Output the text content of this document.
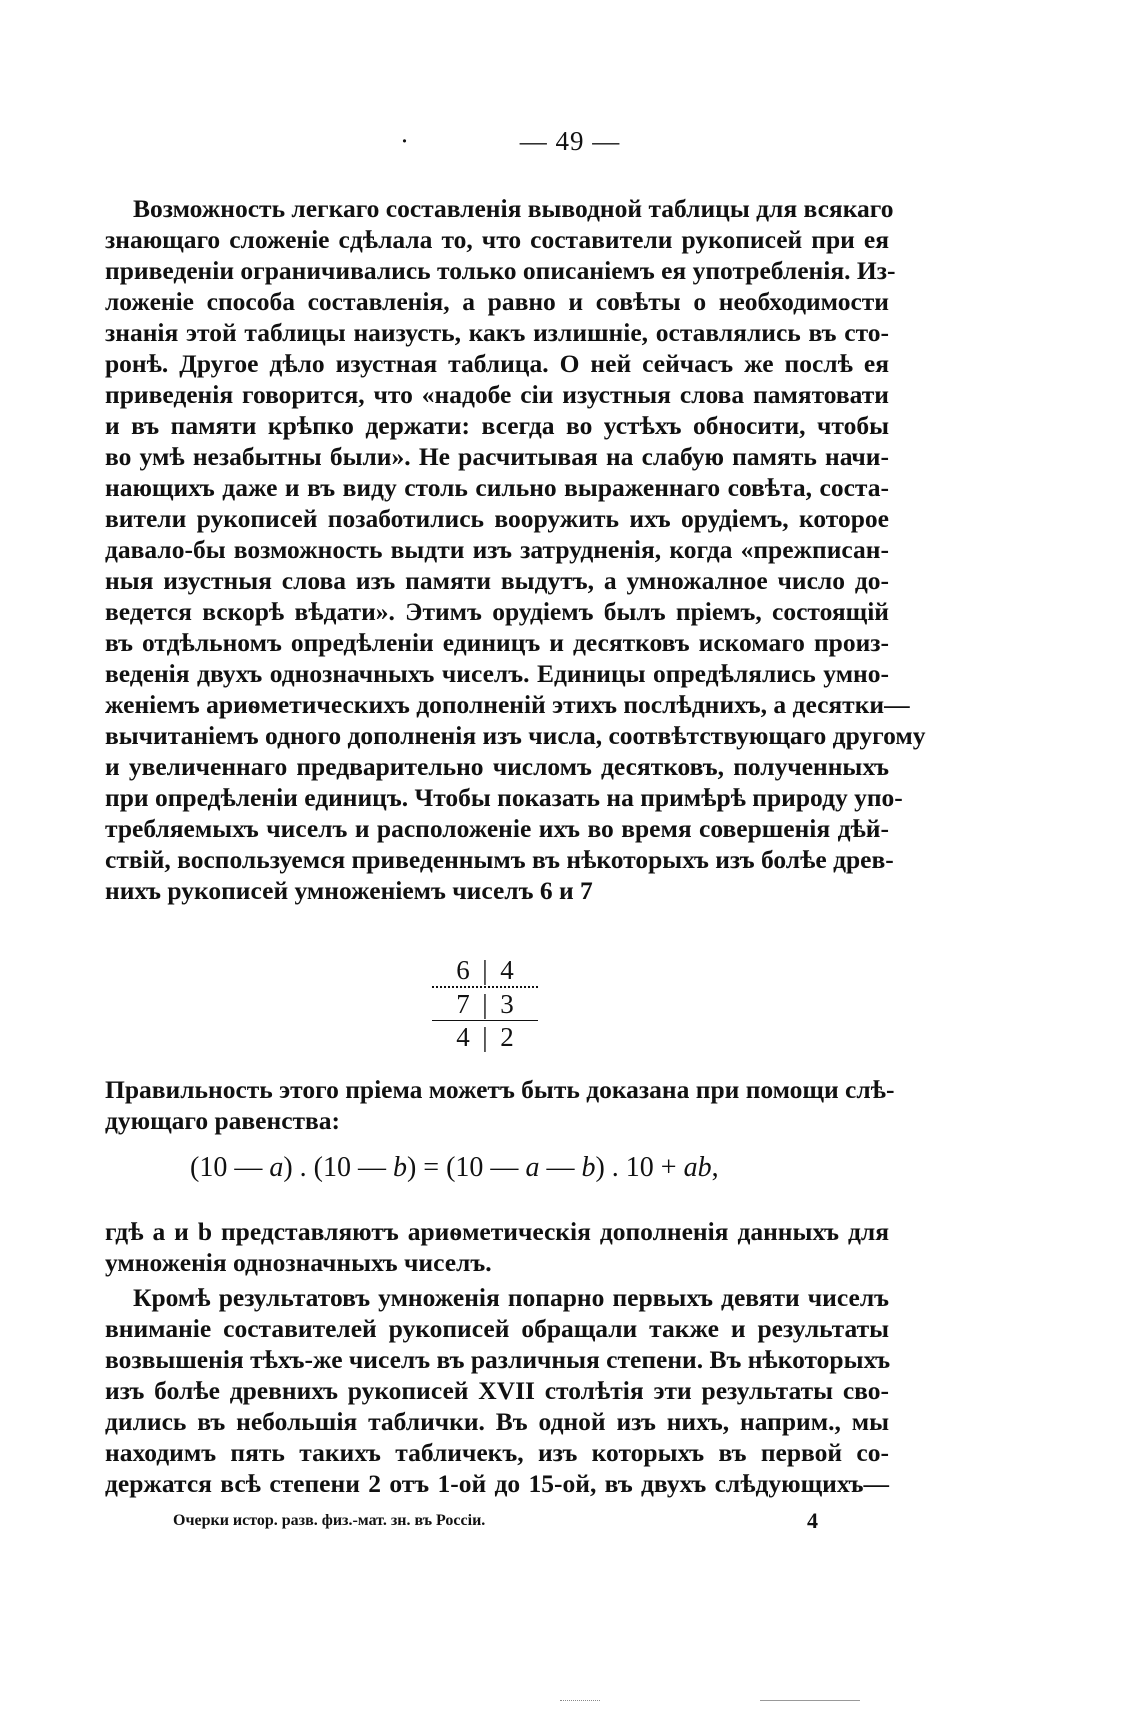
·	— 49 —
Возможность легкаго составленія выводной таблицы для всякаго
знающаго сложеніе сдѣлала то, что составители рукописей при ея
приведеніи ограничивались только описаніемъ ея употребленія. Из-
ложеніе способа составленія, а равно и совѣты о необходимости
знанія этой таблицы наизусть, какъ излишніе, оставлялись въ сто-
ронѣ. Другое дѣло изустная таблица. О ней сейчасъ же послѣ ея
приведенія говорится, что «надобе сіи изустныя слова памятовати
и въ памяти крѣпко держати: всегда во устѣхъ обносити, чтобы
во умѣ незабытны были». Не расчитывая на слабую память начи-
нающихъ даже и въ виду столь сильно выраженнаго совѣта, соста-
вители рукописей позаботились вооружить ихъ орудіемъ, которое
давало-бы возможность выдти изъ затрудненія, когда «прежписан-
ныя изустныя слова изъ памяти выдутъ, а умножалное число до-
ведется вскорѣ вѣдати». Этимъ орудіемъ былъ пріемъ, состоящій
въ отдѣльномъ опредѣленіи единицъ и десятковъ искомаго произ-
веденія двухъ однозначныхъ чиселъ. Единицы опредѣлялись умно-
женіемъ ариѳметическихъ дополненій этихъ послѣднихъ, а десятки—
вычитаніемъ одного дополненія изъ числа, соотвѣтствующаго другому
и увеличеннаго предварительно числомъ десятковъ, полученныхъ
при опредѣленіи единицъ. Чтобы показать на примѣрѣ природу упо-
требляемыхъ чиселъ и расположеніе ихъ во время совершенія дѣй-
ствій, воспользуемся приведеннымъ въ нѣкоторыхъ изъ болѣе древ-
нихъ рукописей умноженіемъ чиселъ 6 и 7
6 | 4
7 | 3
4 | 2
Правильность этого пріема можетъ быть доказана при помощи слѣ-
дующаго равенства:
(10 — a) . (10 — b) = (10 — a — b) . 10 + ab,
гдѣ a и b представляютъ ариѳметическія дополненія данныхъ для
умноженія однозначныхъ чиселъ.
Кромѣ результатовъ умноженія попарно первыхъ девяти чиселъ
вниманіе составителей рукописей обращали также и результаты
возвышенія тѣхъ-же чиселъ въ различныя степени. Въ нѣкоторыхъ
изъ болѣе древнихъ рукописей XVII столѣтія эти результаты сво-
дились въ небольшія таблички. Въ одной изъ нихъ, наприм., мы
находимъ пять такихъ табличекъ, изъ которыхъ въ первой со-
держатся всѣ степени 2 отъ 1-ой до 15-ой, въ двухъ слѣдующихъ—
Очерки истор. разв. физ.-мат. зн. въ Россіи.	4
